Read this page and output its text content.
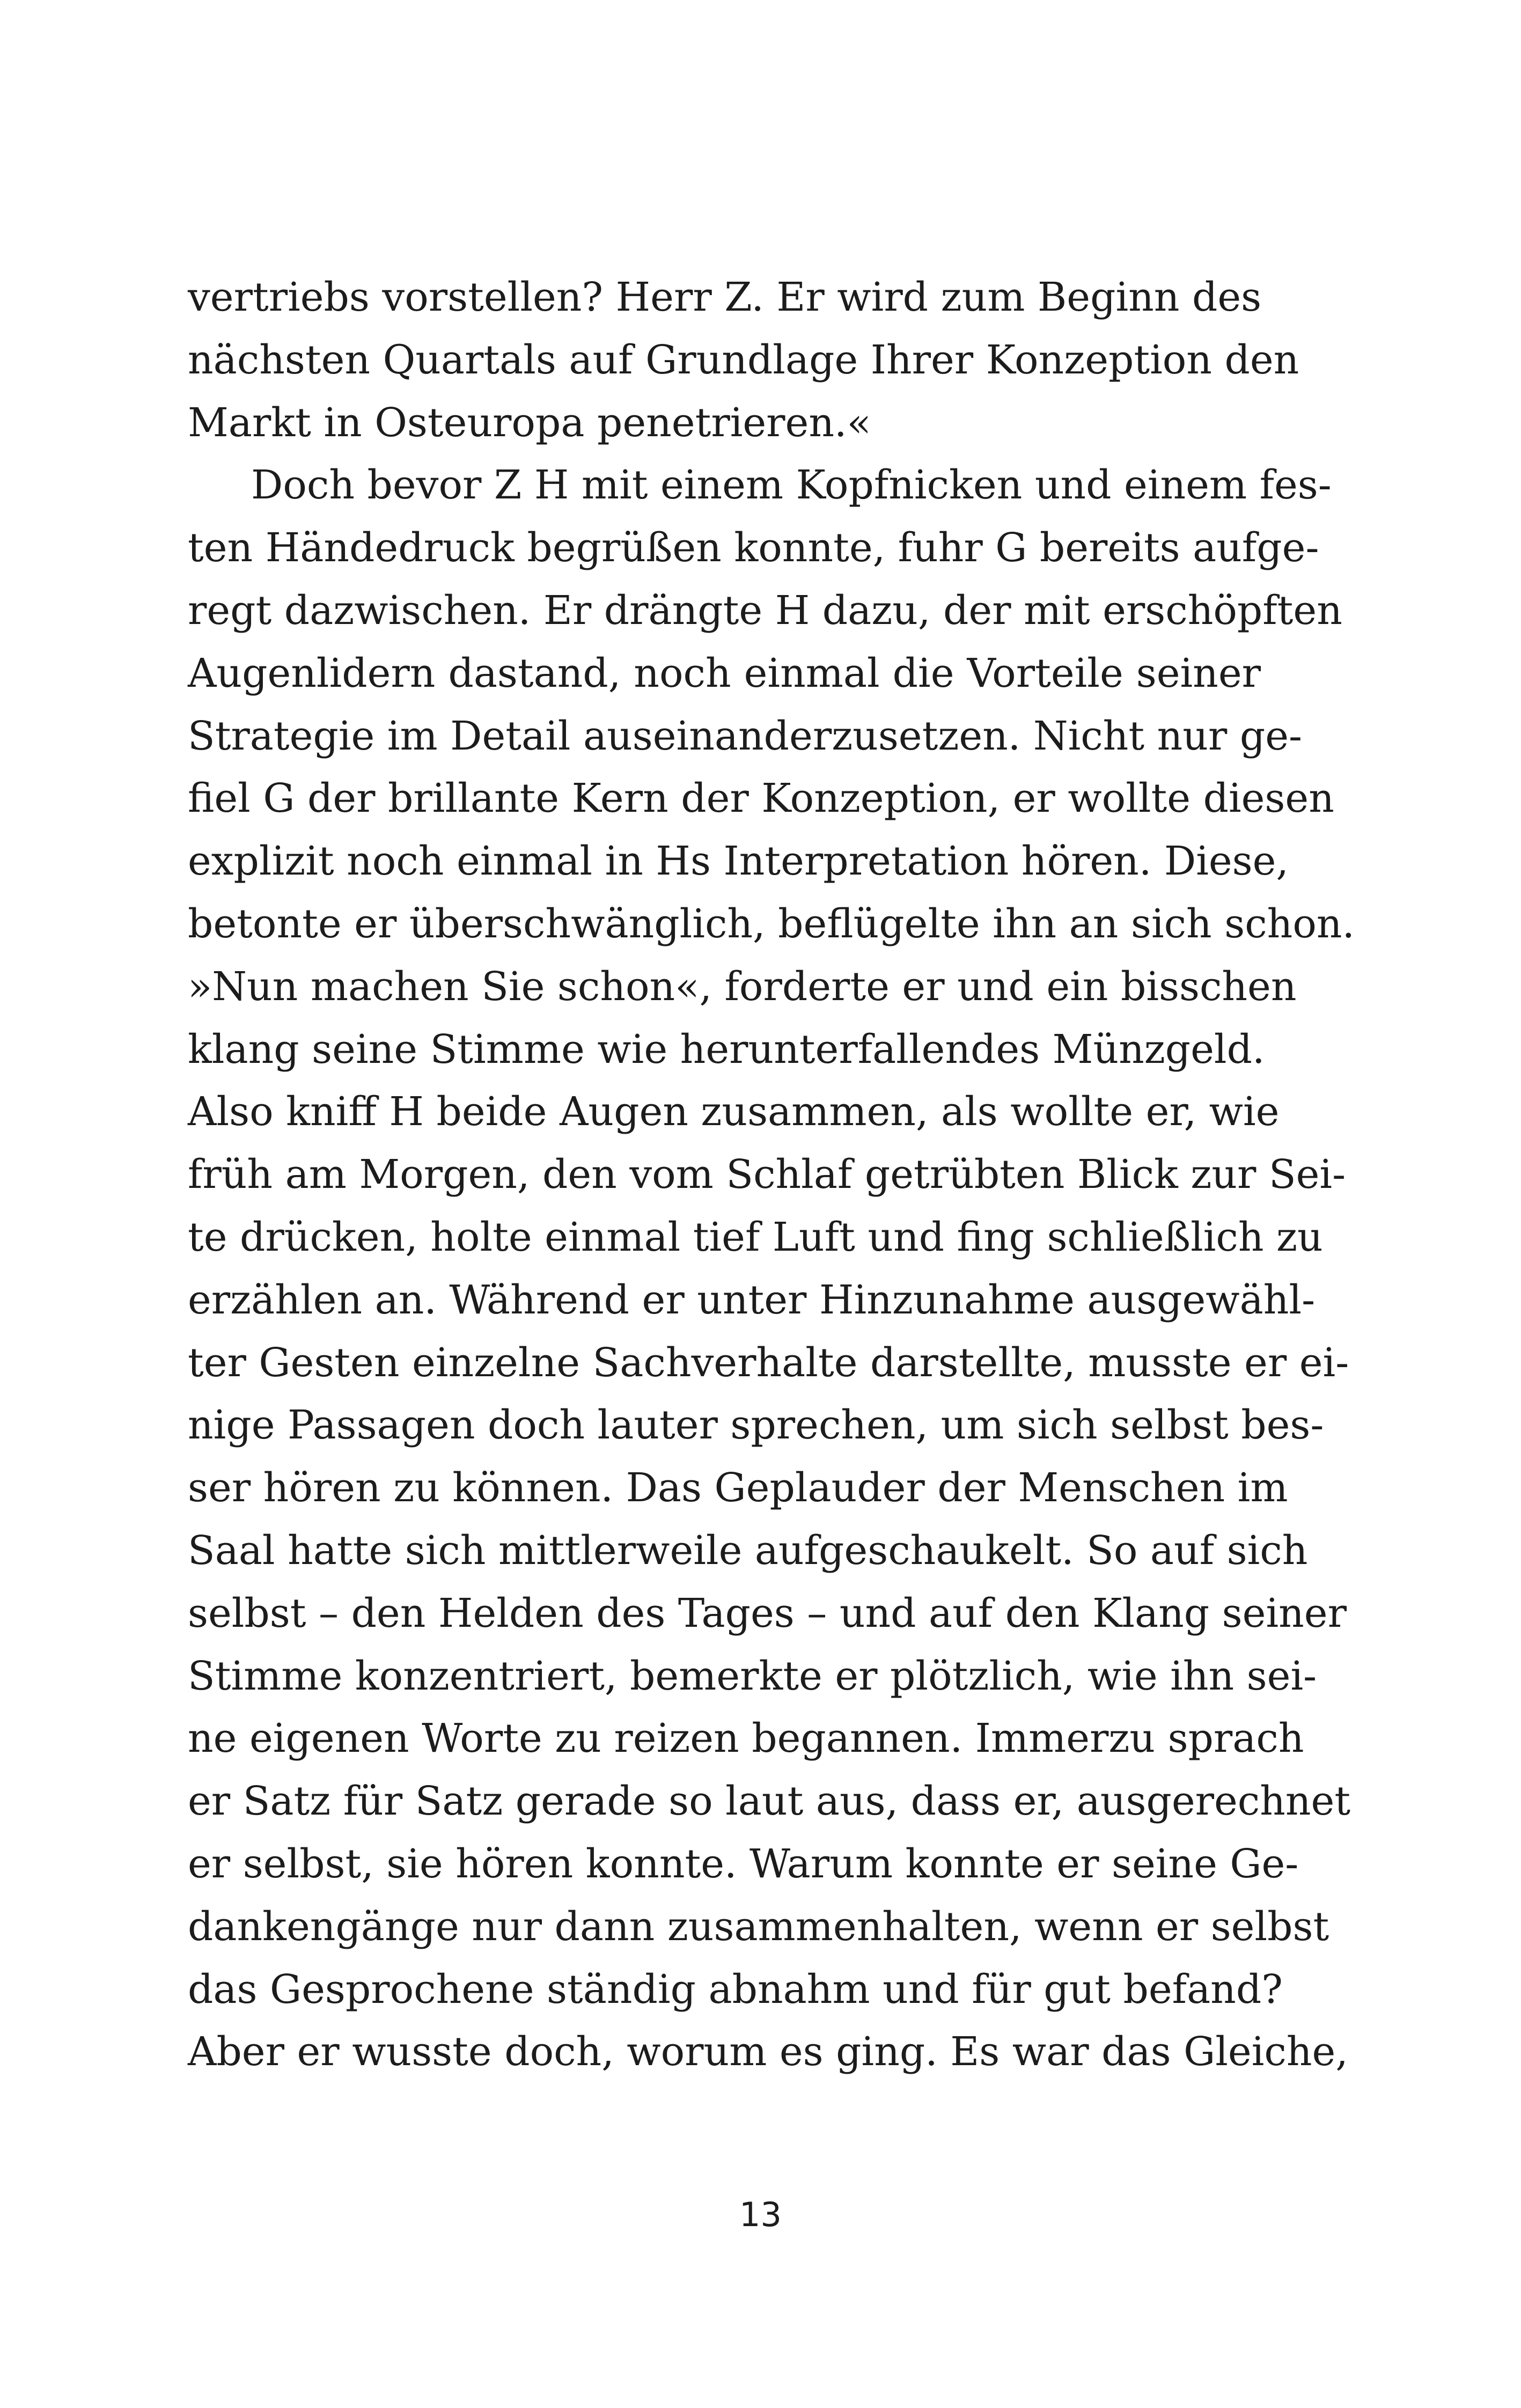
vertriebs vorstellen? Herr Z. Er wird zum Beginn des
nächsten Quartals auf Grundlage Ihrer Konzeption den
Markt in Osteuropa penetrieren.«
Doch bevor Z H mit einem Kopfnicken und einem fes-
ten Händedruck begrüßen konnte, fuhr G bereits aufge-
regt dazwischen. Er drängte H dazu, der mit erschöpften
Augenlidern dastand, noch einmal die Vorteile seiner
Strategie im Detail auseinanderzusetzen. Nicht nur ge-
fiel G der brillante Kern der Konzeption, er wollte diesen
explizit noch einmal in Hs Interpretation hören. Diese,
betonte er überschwänglich, beflügelte ihn an sich schon.
»Nun machen Sie schon«, forderte er und ein bisschen
klang seine Stimme wie herunterfallendes Münzgeld.
Also kniff H beide Augen zusammen, als wollte er, wie
früh am Morgen, den vom Schlaf getrübten Blick zur Sei-
te drücken, holte einmal tief Luft und fing schließlich zu
erzählen an. Während er unter Hinzunahme ausgewähl-
ter Gesten einzelne Sachverhalte darstellte, musste er ei-
nige Passagen doch lauter sprechen, um sich selbst bes-
ser hören zu können. Das Geplauder der Menschen im
Saal hatte sich mittlerweile aufgeschaukelt. So auf sich
selbst – den Helden des Tages – und auf den Klang seiner
Stimme konzentriert, bemerkte er plötzlich, wie ihn sei-
ne eigenen Worte zu reizen begannen. Immerzu sprach
er Satz für Satz gerade so laut aus, dass er, ausgerechnet
er selbst, sie hören konnte. Warum konnte er seine Ge-
dankengänge nur dann zusammenhalten, wenn er selbst
das Gesprochene ständig abnahm und für gut befand?
Aber er wusste doch, worum es ging. Es war das Gleiche,
13
